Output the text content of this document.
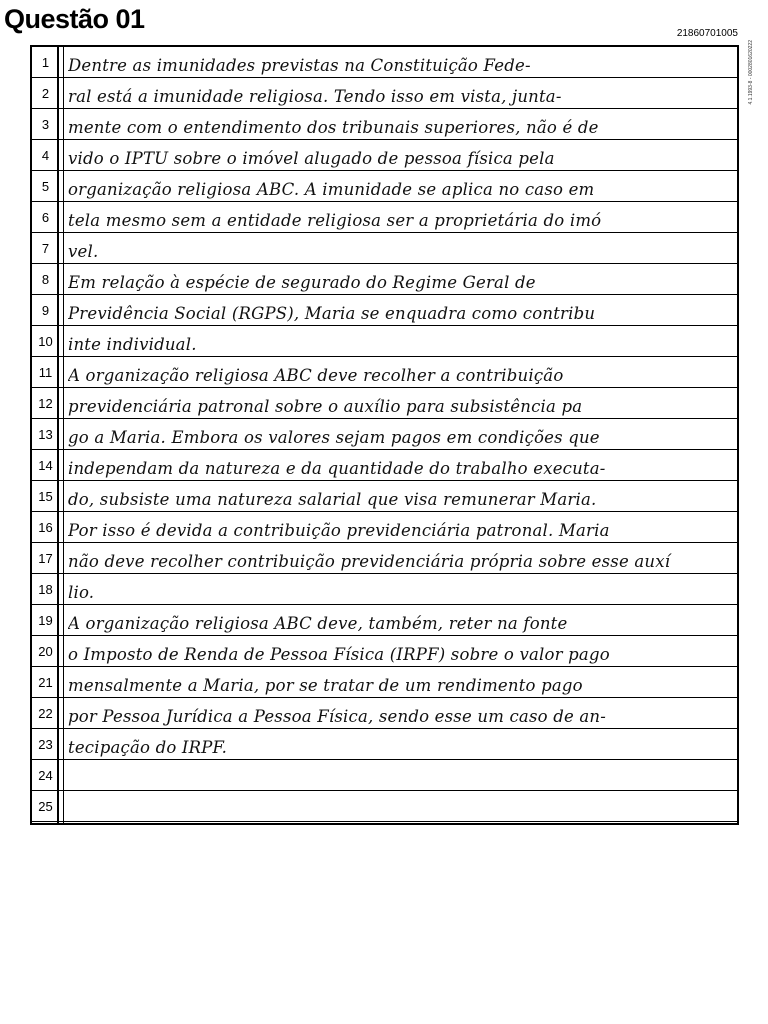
Questão 01	21860701005
4.1.1993-8 - 0002801620222
1	Dentre as imunidades previstas na Constituição Fede-
2	ral está a imunidade religiosa. Tendo isso em vista, junta-
3	mente com o entendimento dos tribunais superiores, não é de
4	vido o IPTU sobre o imóvel alugado de pessoa física pela
5	organização religiosa ABC. A imunidade se aplica no caso em
6	tela mesmo sem a entidade religiosa ser a proprietária do imó
7	vel.
8	Em relação à espécie de segurado do Regime Geral de
9	Previdência Social (RGPS), Maria se enquadra como contribu
10 inte individual.
11 A organização religiosa ABC deve recolher a contribuição
12 previdenciária patronal sobre o auxílio para subsistência pa
13 go a Maria. Embora os valores sejam pagos em condições que
14 independam da natureza e da quantidade do trabalho executa-
15 do, subsiste uma natureza salarial que visa remunerar Maria.
16 Por isso é devida a contribuição previdenciária patronal. Maria
17 não deve recolher contribuição previdenciária própria sobre esse auxí
18 lio.
19 A organização religiosa ABC deve, também, reter na fonte
20 o Imposto de Renda de Pessoa Física (IRPF) sobre o valor pago
21 mensalmente a Maria, por se tratar de um rendimento pago
22 por Pessoa Jurídica a Pessoa Física, sendo esse um caso de an-
23 tecipação do IRPF.
24
25
